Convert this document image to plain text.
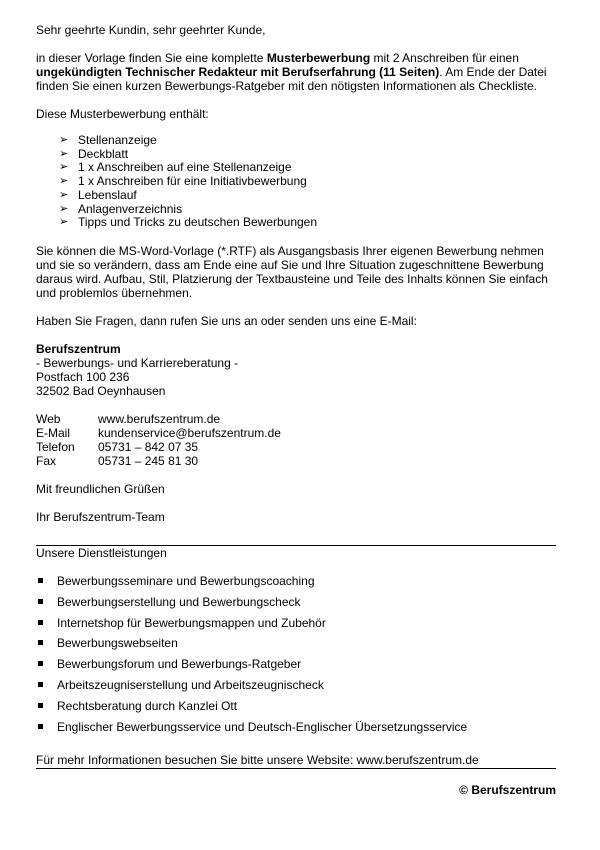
Sehr geehrte Kundin, sehr geehrter Kunde,

in dieser Vorlage finden Sie eine komplette Musterbewerbung mit 2 Anschreiben für einen ungekündigten Technischer Redakteur mit Berufserfahrung (11 Seiten). Am Ende der Datei finden Sie einen kurzen Bewerbungs-Ratgeber mit den nötigsten Informationen als Checkliste.

Diese Musterbewerbung enthält:

➢ Stellenanzeige
➢ Deckblatt
➢ 1 x Anschreiben auf eine Stellenanzeige
➢ 1 x Anschreiben für eine Initiativbewerbung
➢ Lebenslauf
➢ Anlagenverzeichnis
➢ Tipps und Tricks zu deutschen Bewerbungen

Sie können die MS-Word-Vorlage (*.RTF) als Ausgangsbasis Ihrer eigenen Bewerbung nehmen und sie so verändern, dass am Ende eine auf Sie und Ihre Situation zugeschnittene Bewerbung daraus wird. Aufbau, Stil, Platzierung der Textbausteine und Teile des Inhalts können Sie einfach und problemlos übernehmen.

Haben Sie Fragen, dann rufen Sie uns an oder senden uns eine E-Mail:

Berufszentrum

- Bewerbungs- und Karriereberatung -

Postfach 100 236

32502 Bad Oeynhausen

Web	www.berufszentrum.de
E-Mail	kundenservice@berufszentrum.de
Telefon	05731 – 842 07 35
Fax	05731 – 245 81 30

Mit freundlichen Grüßen

Ihr Berufszentrum-Team

Unsere Dienstleistungen

Bewerbungsseminare und Bewerbungscoaching
Bewerbungserstellung und Bewerbungscheck
Internetshop für Bewerbungsmappen und Zubehör
Bewerbungswebseiten
Bewerbungsforum und Bewerbungs-Ratgeber
Arbeitszeugniserstellung und Arbeitszeugnischeck
Rechtsberatung durch Kanzlei Ott
Englischer Bewerbungsservice und Deutsch-Englischer Übersetzungsservice

Für mehr Informationen besuchen Sie bitte unsere Website: www.berufszentrum.de

© Berufszentrum
